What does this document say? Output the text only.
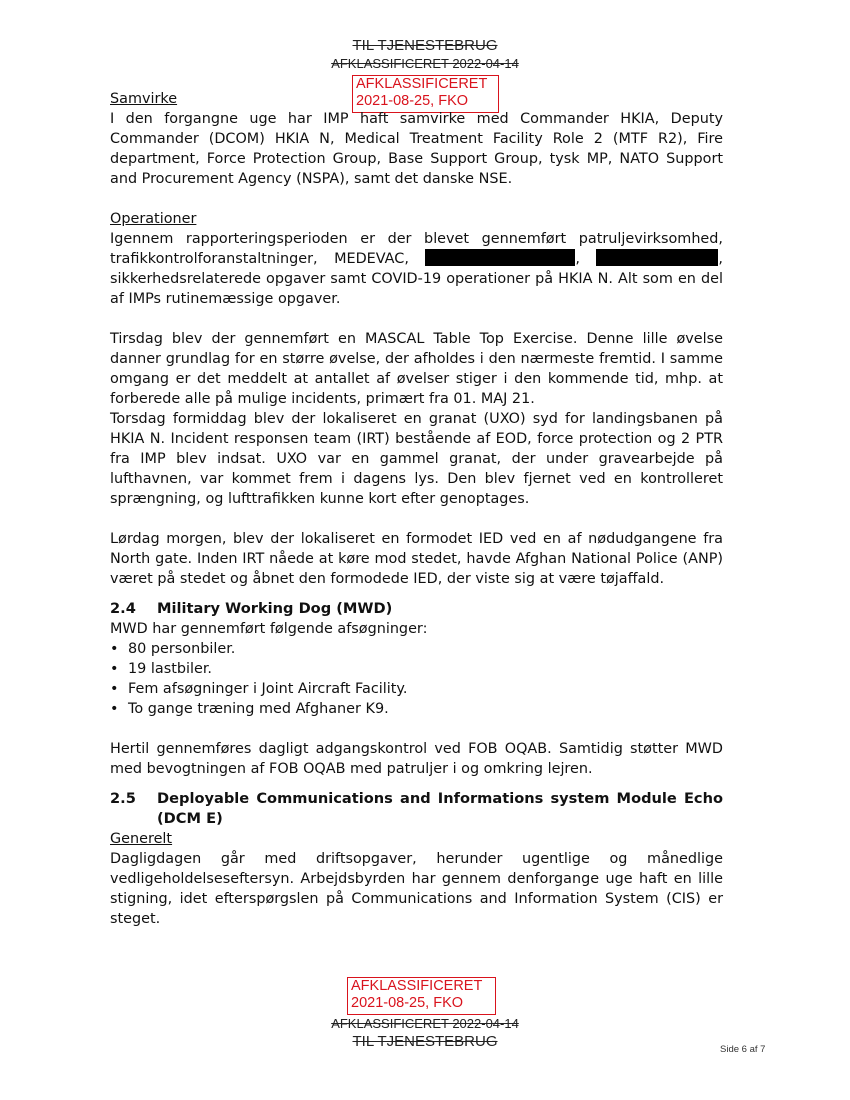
TIL TJENESTEBRUG
AFKLASSIFICERET 2022-04-14
AFKLASSIFICERET
2021-08-25, FKO
Samvirke

I den forgangne uge har IMP haft samvirke med Commander HKIA, Deputy Commander (DCOM) HKIA N, Medical Treatment Facility Role 2 (MTF R2), Fire department, Force Protection Group, Base Support Group, tysk MP, NATO Support and Procurement Agency (NSPA), samt det danske NSE.

Operationer

Igennem rapporteringsperioden er der blevet gennemført patruljevirksomhed, trafikkontrolforanstaltninger, MEDEVAC,	,	, sikkerhedsrelaterede opgaver samt COVID-19 operationer på HKIA N. Alt som en del af IMPs rutinemæssige opgaver.

Tirsdag blev der gennemført en MASCAL Table Top Exercise. Denne lille øvelse danner grundlag for en større øvelse, der afholdes i den nærmeste fremtid. I samme omgang er det meddelt at antallet af øvelser stiger i den kommende tid, mhp. at forberede alle på mulige incidents, primært fra 01. MAJ 21.

Torsdag formiddag blev der lokaliseret en granat (UXO) syd for landingsbanen på HKIA N. Incident responsen team (IRT) bestående af EOD, force protection og 2 PTR fra IMP blev indsat. UXO var en gammel granat, der under gravearbejde på lufthavnen, var kommet frem i dagens lys. Den blev fjernet ved en kontrolleret sprængning, og lufttrafikken kunne kort efter genoptages.

Lørdag morgen, blev der lokaliseret en formodet IED ved en af nødudgangene fra North gate. Inden IRT nåede at køre mod stedet, havde Afghan National Police (ANP) været på stedet og åbnet den formodede IED, der viste sig at være tøjaffald.

2.4	Military Working Dog (MWD)
MWD har gennemført følgende afsøgninger:
• 80 personbiler.
• 19 lastbiler.
• Fem afsøgninger i Joint Aircraft Facility.
• To gange træning med Afghaner K9.

Hertil gennemføres dagligt adgangskontrol ved FOB OQAB. Samtidig støtter MWD med bevogtningen af FOB OQAB med patruljer i og omkring lejren.

2.5	Deployable Communications and Informations system Module Echo (DCM E)
Generelt

Dagligdagen går med driftsopgaver, herunder ugentlige og månedlige vedligeholdelseseftersyn. Arbejdsbyrden har gennem denforgange uge haft en lille stigning, idet efterspørgslen på Communications and Information System (CIS) er steget.

AFKLASSIFICERET
2021-08-25, FKO
AFKLASSIFICERET 2022-04-14
TIL TJENESTEBRUG	Side 6 af 7
